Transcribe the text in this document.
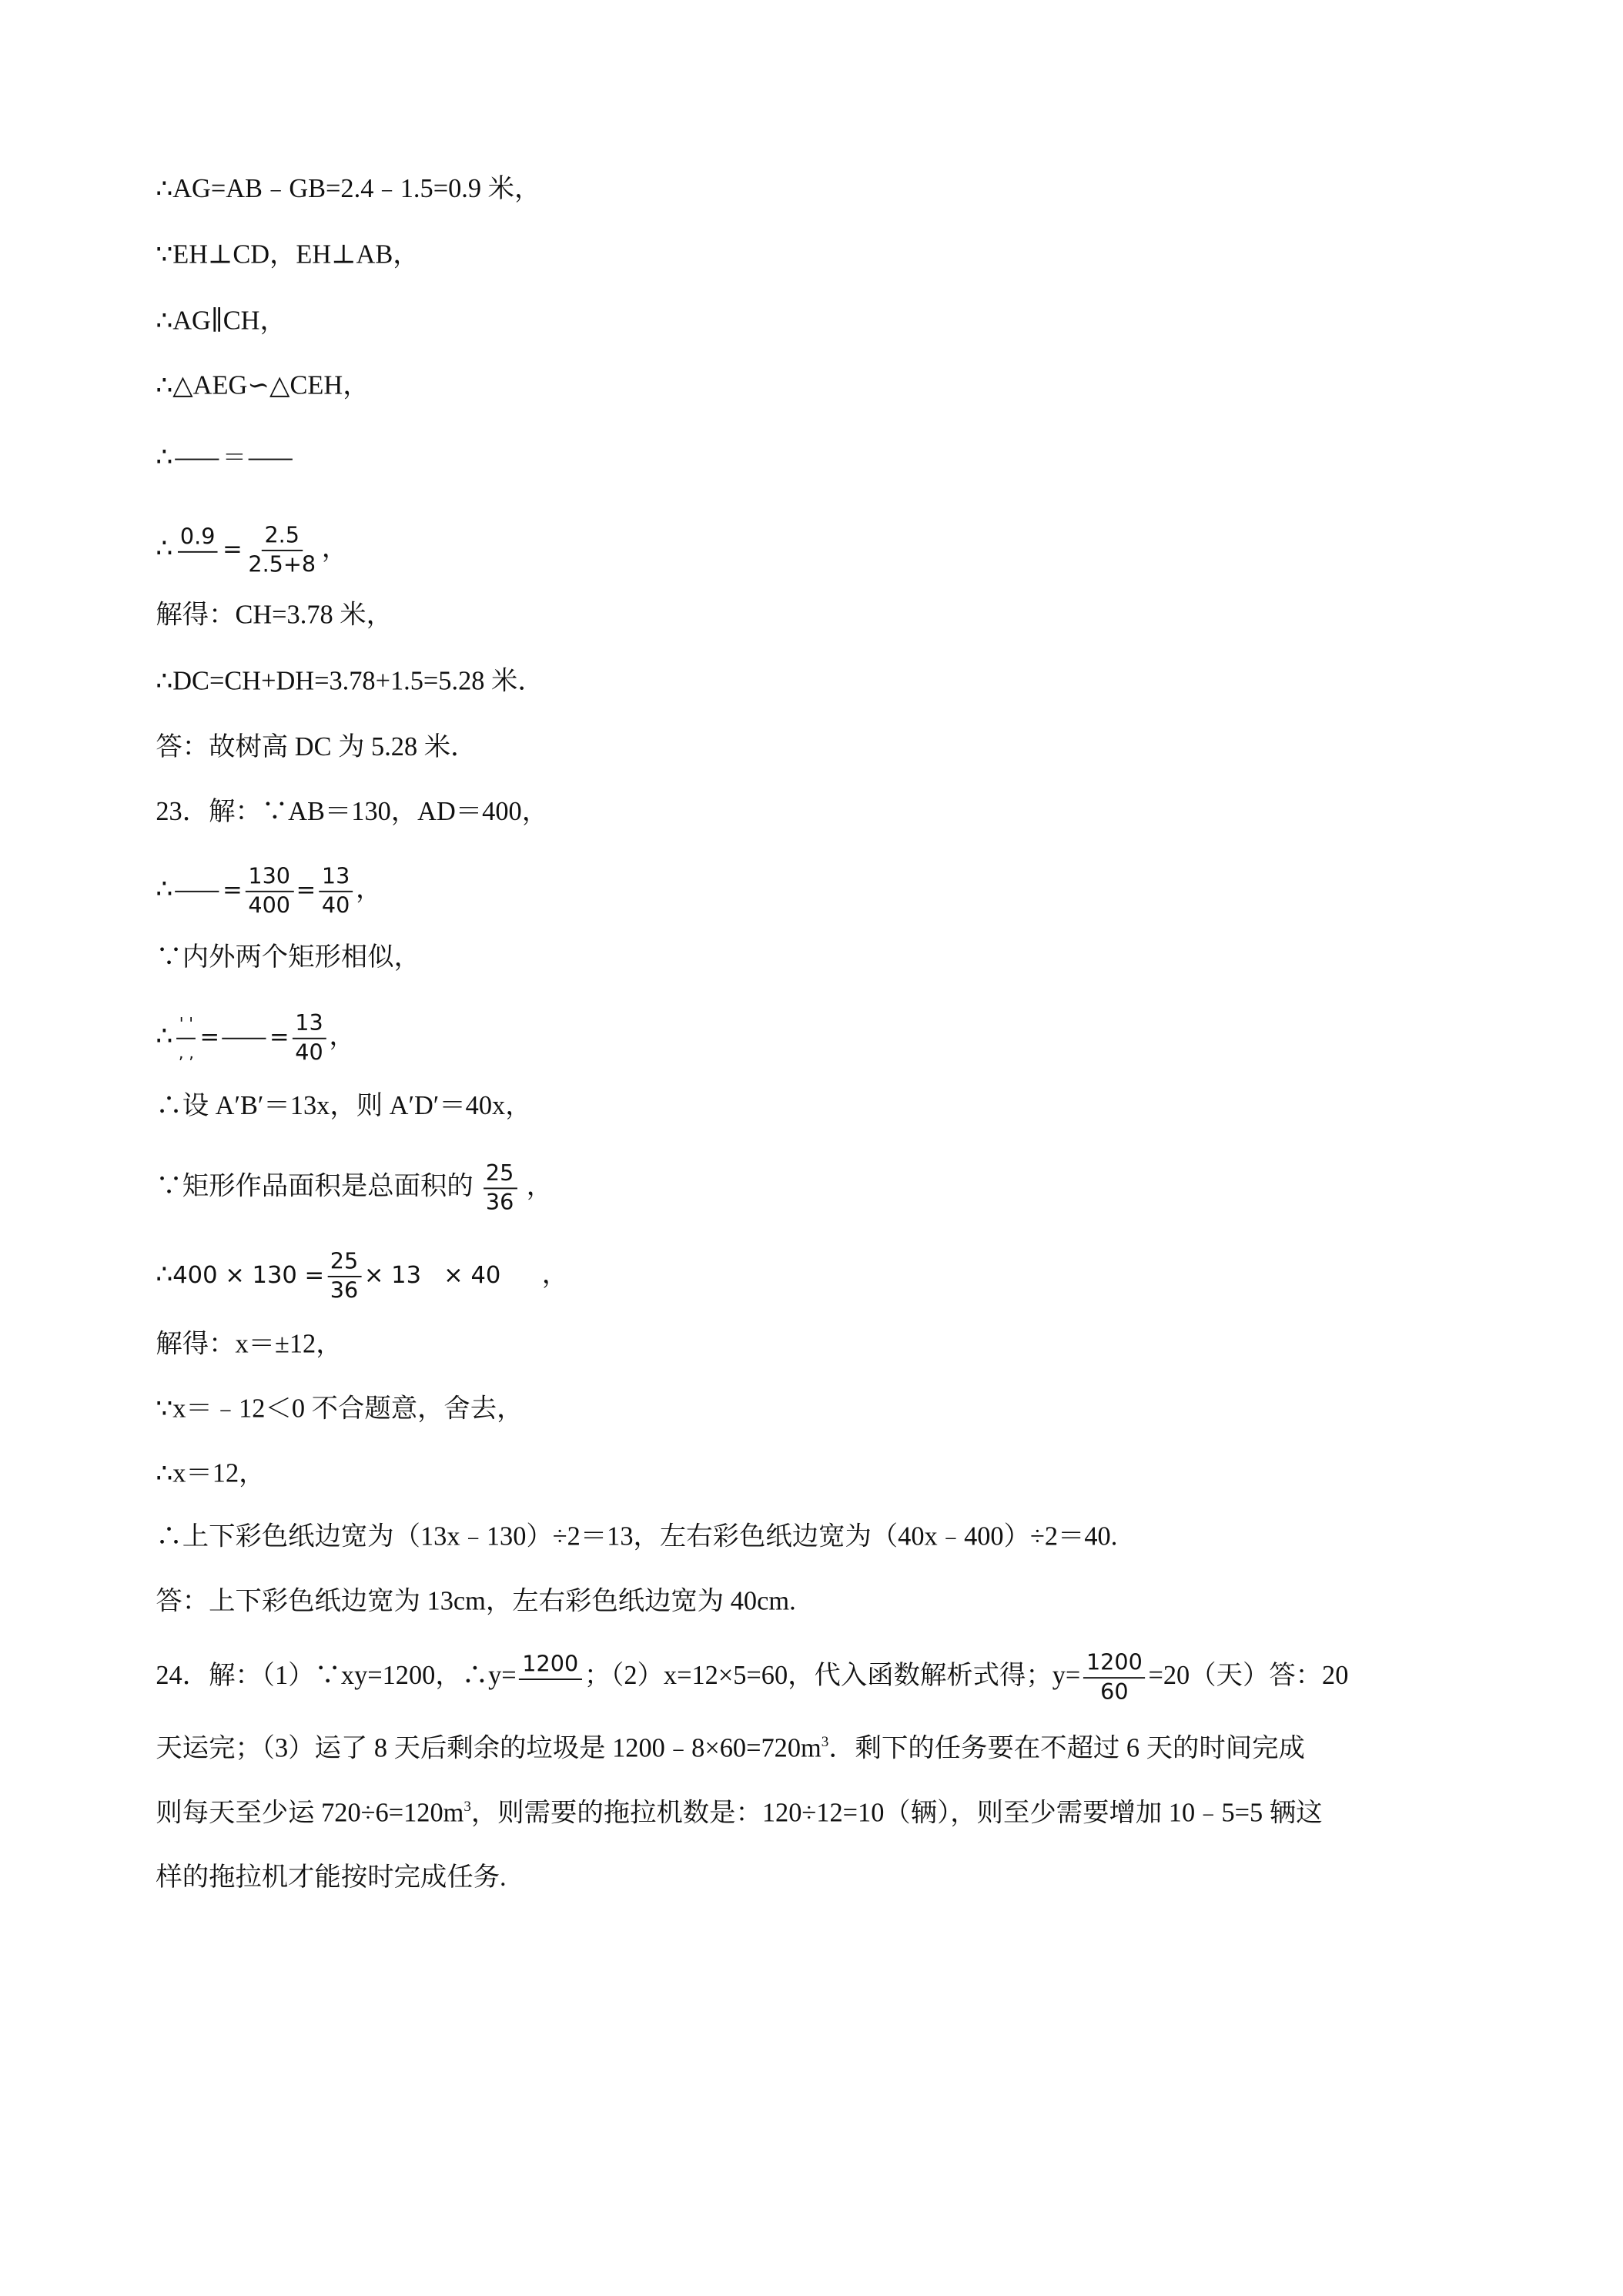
∴AG=AB﹣GB=2.4﹣1.5=0.9 米，
∵EH⊥CD，EH⊥AB，
∴AG∥CH，
∴△AEG∽△CEH，
∴	＝
∴ $0.9 = \frac{2.5}{2.5+8}$ ，
解得：CH=3.78 米，
∴DC=CH+DH=3.78+1.5=5.28 米．
答：故树高 DC 为 5.28 米．
23．解：∵AB＝130，AD＝400，
∴	= $\frac{130}{400} = \frac{13}{40}$ ，
∵内外两个矩形相似，
∴ $\frac{' '}{, ,}$ =	= $\frac{13}{40}$ ，
∴设 A′B′＝13x，则 A′D′＝40x，
∵矩形作品面积是总面积的 $\frac{25}{36}$ ，
∴400 × $130 = \frac{25}{36} \times 13 \times 40$	，
解得：x＝±12，
∵x＝﹣12＜0 不合题意，舍去，
∴x＝12，
∴上下彩色纸边宽为（13x﹣130）÷2＝13，左右彩色纸边宽为（40x﹣400）÷2＝40.
答：上下彩色纸边宽为 13cm，左右彩色纸边宽为 40cm.
24．解：（1）∵xy=1200，∴y= 1200 ；（2）x=12×5=60，代入函数解析式得；$y= \frac{1200}{60} =20$（天）答：20
天运完；（3）运了 8 天后剩余的垃圾是 $1200﹣8\times 60=720m^3$．剩下的任务要在不超过 6 天的时间完成
则每天至少运 $720\div 6=120m^3$，则需要的拖拉机数是：120÷12=10（辆），则至少需要增加 10﹣5=5 辆这
样的拖拉机才能按时完成任务.
